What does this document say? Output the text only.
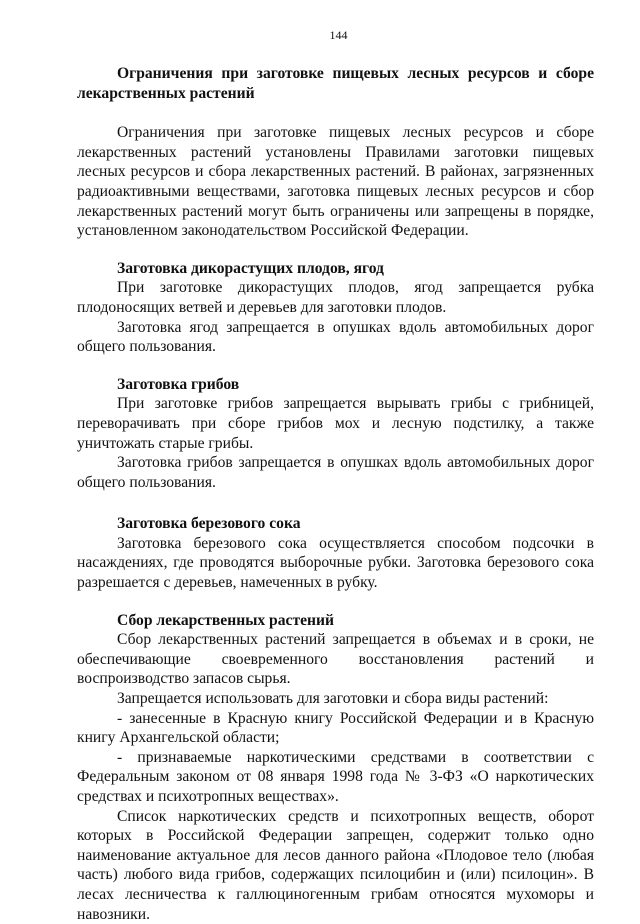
144
Ограничения при заготовке пищевых лесных ресурсов и сборе лекарственных растений

Ограничения при заготовке пищевых лесных ресурсов и сборе лекарственных растений установлены Правилами заготовки пищевых лесных ресурсов и сбора лекарственных растений. В районах, загрязненных радиоактивными веществами, заготовка пищевых лесных ресурсов и сбор лекарственных растений могут быть ограничены или запрещены в порядке, установленном законодательством Российской Федерации.

Заготовка дикорастущих плодов, ягод

При заготовке дикорастущих плодов, ягод запрещается рубка плодоносящих ветвей и деревьев для заготовки плодов.

Заготовка ягод запрещается в опушках вдоль автомобильных дорог общего пользования.

Заготовка грибов

При заготовке грибов запрещается вырывать грибы с грибницей, переворачивать при сборе грибов мох и лесную подстилку, а также уничтожать старые грибы.

Заготовка грибов запрещается в опушках вдоль автомобильных дорог общего пользования.

Заготовка березового сока

Заготовка березового сока осуществляется способом подсочки в насаждениях, где проводятся выборочные рубки. Заготовка березового сока разрешается с деревьев, намеченных в рубку.

Сбор лекарственных растений

Сбор лекарственных растений запрещается в объемах и в сроки, не обеспечивающие своевременного восстановления растений и воспроизводство запасов сырья.

Запрещается использовать для заготовки и сбора виды растений:

- занесенные в Красную книгу Российской Федерации и в Красную книгу Архангельской области;

- признаваемые наркотическими средствами в соответствии с Федеральным законом от 08 января 1998 года № 3-ФЗ «О наркотических средствах и психотропных веществах».

Список наркотических средств и психотропных веществ, оборот которых в Российской Федерации запрещен, содержит только одно наименование актуальное для лесов данного района «Плодовое тело (любая часть) любого вида грибов, содержащих псилоцибин и (или) псилоцин». В лесах лесничества к галлюциногенным грибам относятся мухоморы и навозники.
